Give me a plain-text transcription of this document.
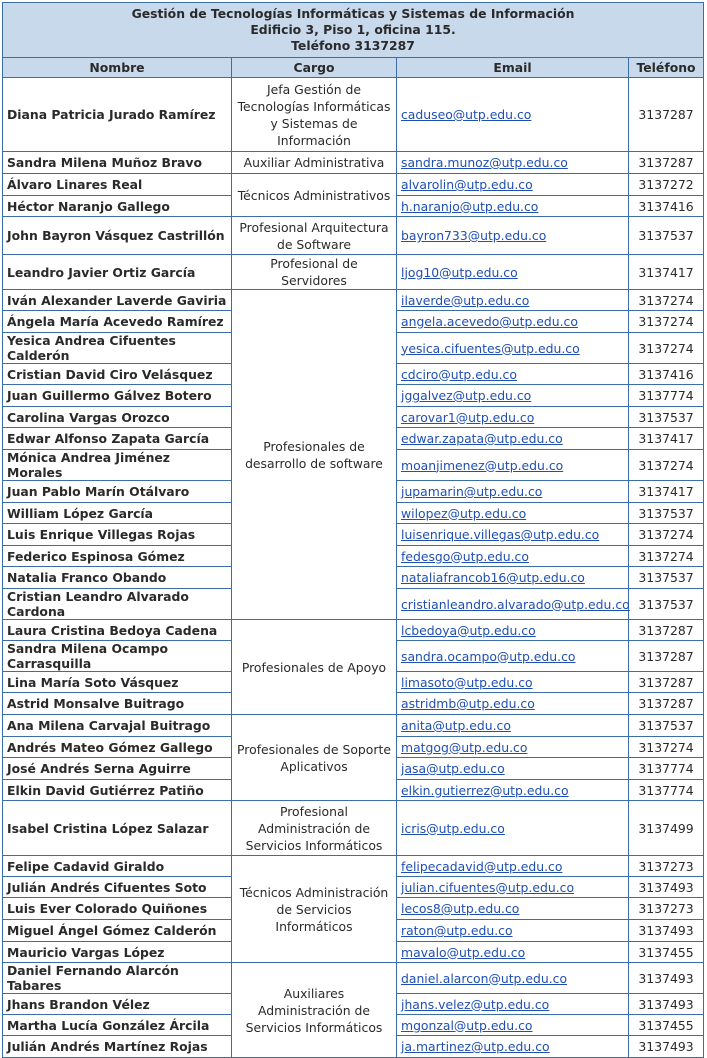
Gestión de Tecnologías Informáticas y Sistemas de Información
Edificio 3, Piso 1, oficina 115.
Teléfono 3137287			

Nombre	Cargo	Email	Teléfono
Diana Patricia Jurado Ramírez	Jefa Gestión de Tecnologías Informáticas y Sistemas de Información	caduseo@utp.edu.co	3137287
Sandra Milena Muñoz Bravo	Auxiliar Administrativa	sandra.munoz@utp.edu.co	3137287
Álvaro Linares Real	Técnicos Administrativos	alvarolin@utp.edu.co	3137272
Héctor Naranjo Gallego		h.naranjo@utp.edu.co	3137416
John Bayron Vásquez Castrillón	Profesional Arquitectura de Software	bayron733@utp.edu.co	3137537
Leandro Javier Ortiz García	Profesional de Servidores	ljog10@utp.edu.co	3137417
Iván Alexander Laverde Gaviria	Profesionales de desarrollo de software	ilaverde@utp.edu.co	3137274
Ángela María Acevedo Ramírez		angela.acevedo@utp.edu.co	3137274
Yesica Andrea Cifuentes Calderón		yesica.cifuentes@utp.edu.co	3137274
Cristian David Ciro Velásquez		cdciro@utp.edu.co	3137416
Juan Guillermo Gálvez Botero		jggalvez@utp.edu.co	3137774
Carolina Vargas Orozco		carovar1@utp.edu.co	3137537
Edwar Alfonso Zapata García		edwar.zapata@utp.edu.co	3137417
Mónica Andrea Jiménez Morales		moanjimenez@utp.edu.co	3137274
Juan Pablo Marín Otálvaro		jupamarin@utp.edu.co	3137417
William López García		wilopez@utp.edu.co	3137537
Luis Enrique Villegas Rojas		luisenrique.villegas@utp.edu.co	3137274
Federico Espinosa Gómez		fedesgo@utp.edu.co	3137274
Natalia Franco Obando		nataliafrancob16@utp.edu.co	3137537
Cristian Leandro Alvarado Cardona		cristianleandro.alvarado@utp.edu.co	3137537
Laura Cristina Bedoya Cadena	Profesionales de Apoyo	lcbedoya@utp.edu.co	3137287
Sandra Milena Ocampo Carrasquilla		sandra.ocampo@utp.edu.co	3137287
Lina María Soto Vásquez		limasoto@utp.edu.co	3137287
Astrid Monsalve Buitrago		astridmb@utp.edu.co	3137287
Ana Milena Carvajal Buitrago	Profesionales de Soporte Aplicativos	anita@utp.edu.co	3137537
Andrés Mateo Gómez Gallego		matgog@utp.edu.co	3137274
José Andrés Serna Aguirre		jasa@utp.edu.co	3137774
Elkin David Gutiérrez Patiño		elkin.gutierrez@utp.edu.co	3137774
Isabel Cristina López Salazar	Profesional Administración de Servicios Informáticos	icris@utp.edu.co	3137499
Felipe Cadavid Giraldo	Técnicos Administración de Servicios Informáticos	felipecadavid@utp.edu.co	3137273
Julián Andrés Cifuentes Soto		julian.cifuentes@utp.edu.co	3137493
Luis Ever Colorado Quiñones		lecos8@utp.edu.co	3137273
Miguel Ángel Gómez Calderón		raton@utp.edu.co	3137493
Mauricio Vargas López		mavalo@utp.edu.co	3137455
Daniel Fernando Alarcón Tabares	Auxiliares Administración de Servicios Informáticos	daniel.alarcon@utp.edu.co	3137493
Jhans Brandon Vélez		jhans.velez@utp.edu.co	3137493
Martha Lucía González Árcila		mgonzal@utp.edu.co	3137455
Julián Andrés Martínez Rojas		ja.martinez@utp.edu.co	3137493
